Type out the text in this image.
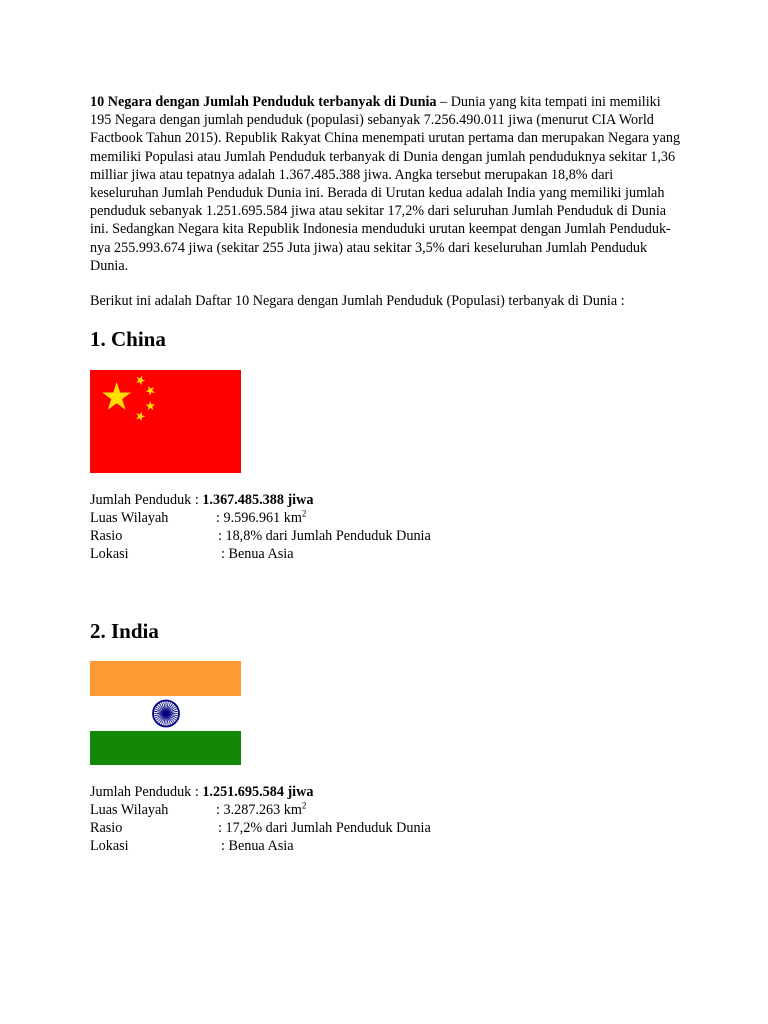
10 Negara dengan Jumlah Penduduk terbanyak di Dunia – Dunia yang kita tempati ini memiliki 195 Negara dengan jumlah penduduk (populasi) sebanyak 7.256.490.011 jiwa (menurut CIA World Factbook Tahun 2015). Republik Rakyat China menempati urutan pertama dan merupakan Negara yang memiliki Populasi atau Jumlah Penduduk terbanyak di Dunia dengan jumlah penduduknya sekitar 1,36 milliar jiwa atau tepatnya adalah 1.367.485.388 jiwa. Angka tersebut merupakan 18,8% dari keseluruhan Jumlah Penduduk Dunia ini. Berada di Urutan kedua adalah India yang memiliki jumlah penduduk sebanyak 1.251.695.584 jiwa atau sekitar 17,2% dari seluruhan Jumlah Penduduk di Dunia ini. Sedangkan Negara kita Republik Indonesia menduduki urutan keempat dengan Jumlah Penduduk-nya 255.993.674 jiwa (sekitar 255 Juta jiwa) atau sekitar 3,5% dari keseluruhan Jumlah Penduduk Dunia.

Berikut ini adalah Daftar 10 Negara dengan Jumlah Penduduk (Populasi) terbanyak di Dunia :

1. China
Jumlah Penduduk : 1.367.485.388 jiwa
Luas Wilayah	: 9.596.961 $km^2$
Rasio	: 18,8% dari Jumlah Penduduk Dunia
Lokasi	: Benua Asia
2. India
Jumlah Penduduk : 1.251.695.584 jiwa
Luas Wilayah	: 3.287.263 $km^2$
Rasio	: 17,2% dari Jumlah Penduduk Dunia
Lokasi	: Benua Asia
